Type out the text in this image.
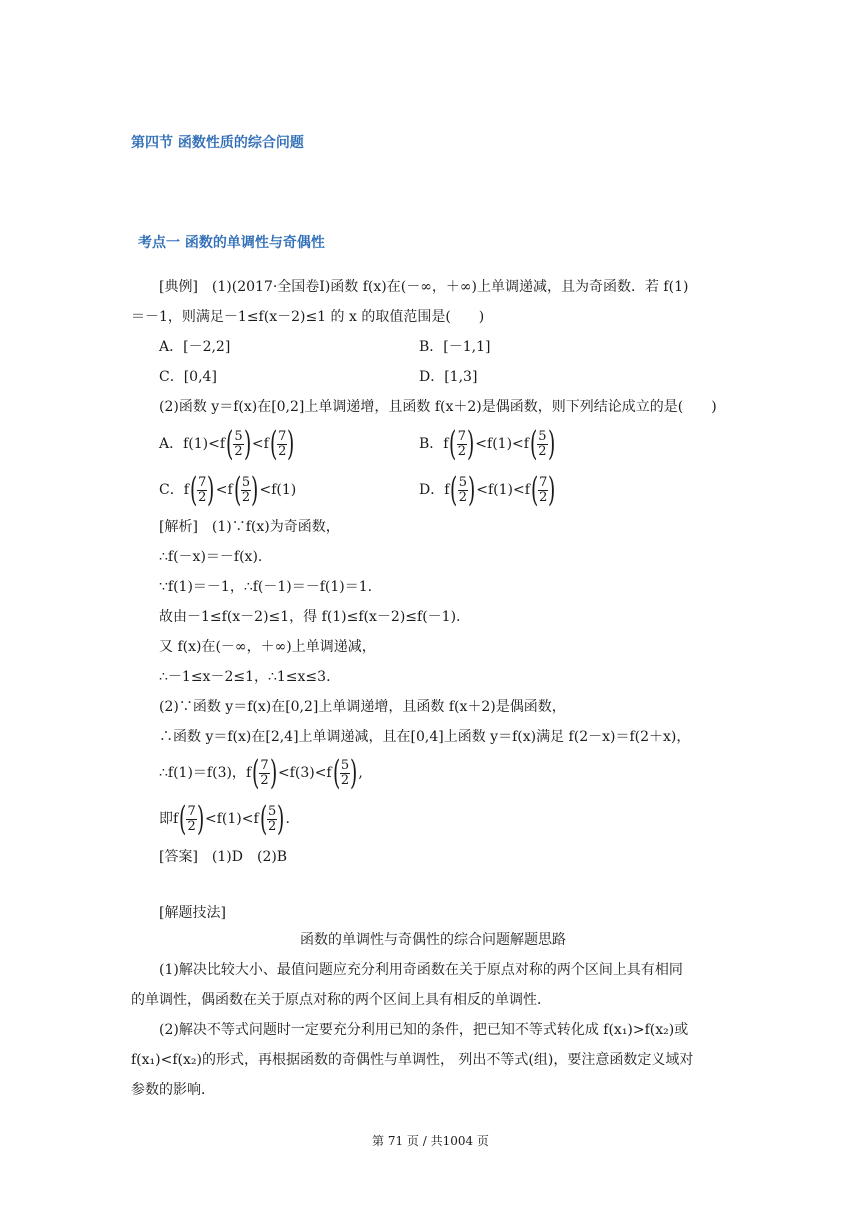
第四节 函数性质的综合问题
考点一 函数的单调性与奇偶性
[典例]　(1)(2017·全国卷Ⅰ)函数 f(x)在(－∞，＋∞)上单调递减，且为奇函数．若 f(1)
＝－1，则满足－1≤f(x－2)≤1 的 x 的取值范围是(　　)
A．[－2,2]	B．[－1,1]
C．[0,4]	D．[1,3]
(2)函数 y＝f(x)在[0,2]上单调递增，且函数 f(x＋2)是偶函数，则下列结论成立的是(　　)
A．f(1)<f ( $\frac{5}{2}$ ) <f ( $\frac{7}{2}$ )	B．f ( $\frac{7}{2}$ ) <f(1)<f ( $\frac{5}{2}$ )
C．f ( $\frac{7}{2}$ ) <f ( $\frac{5}{2}$ ) <f(1)	D．f ( $\frac{5}{2}$ ) <f(1)<f ( $\frac{7}{2}$ )
[解析]　(1)∵f(x)为奇函数，
∴f(－x)＝－f(x).
∵f(1)＝－1，∴f(－1)＝－f(1)＝1.
故由－1≤f(x－2)≤1，得 f(1)≤f(x－2)≤f(－1).
又 f(x)在(－∞，＋∞)上单调递减，
∴－1≤x－2≤1，∴1≤x≤3.
(2)∵函数 y＝f(x)在[0,2]上单调递增，且函数 f(x＋2)是偶函数，
∴函数 y＝f(x)在[2,4]上单调递减，且在[0,4]上函数 y＝f(x)满足 f(2－x)＝f(2＋x)，
∴f(1)＝f(3)，f ( $\frac{7}{2}$ ) <f(3)<f ( $\frac{5}{2}$ ) ,
即f ( $\frac{7}{2}$ ) <f(1)<f ( $\frac{5}{2}$ ) .
[答案]　(1)D　(2)B
[解题技法]
函数的单调性与奇偶性的综合问题解题思路
(1)解决比较大小、最值问题应充分利用奇函数在关于原点对称的两个区间上具有相同
的单调性，偶函数在关于原点对称的两个区间上具有相反的单调性．
(2)解决不等式问题时一定要充分利用已知的条件，把已知不等式转化成 f(x₁)>f(x₂)或
f(x₁)<f(x₂)的形式，再根据函数的奇偶性与单调性， 列出不等式(组)，要注意函数定义域对
参数的影响．
第 71 页 / 共1004 页
